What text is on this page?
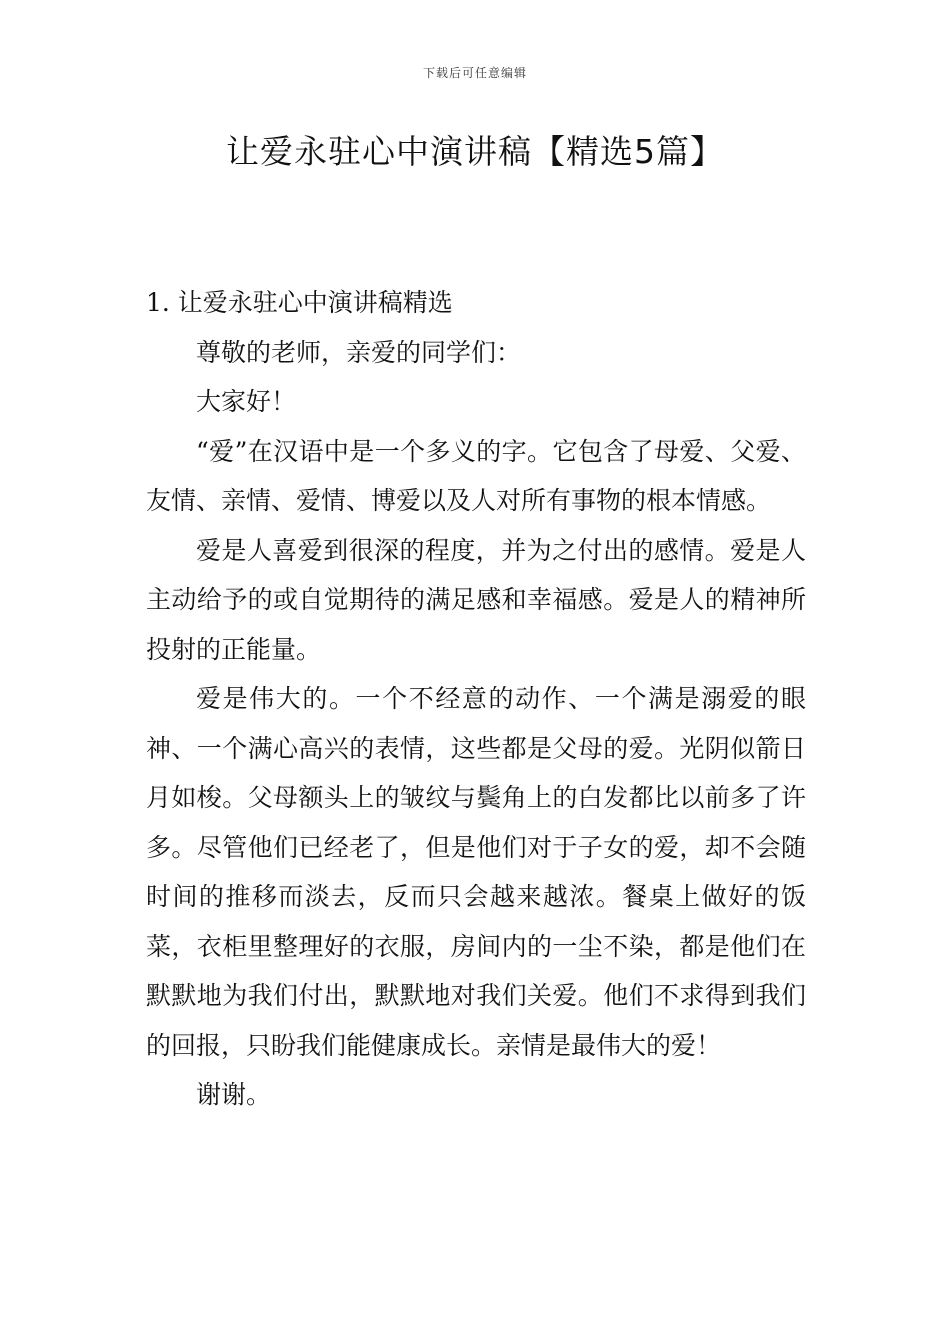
下载后可任意编辑
让爱永驻心中演讲稿【精选5篇】

1. 让爱永驻心中演讲稿精选

尊敬的老师，亲爱的同学们：

大家好！

“爱”在汉语中是一个多义的字。它包含了母爱、父爱、友情、亲情、爱情、博爱以及人对所有事物的根本情感。

爱是人喜爱到很深的程度，并为之付出的感情。爱是人主动给予的或自觉期待的满足感和幸福感。爱是人的精神所投射的正能量。

爱是伟大的。一个不经意的动作、一个满是溺爱的眼神、一个满心高兴的表情，这些都是父母的爱。光阴似箭日月如梭。父母额头上的皱纹与鬓角上的白发都比以前多了许多。尽管他们已经老了，但是他们对于子女的爱，却不会随时间的推移而淡去，反而只会越来越浓。餐桌上做好的饭菜，衣柜里整理好的衣服，房间内的一尘不染，都是他们在默默地为我们付出，默默地对我们关爱。他们不求得到我们的回报，只盼我们能健康成长。亲情是最伟大的爱！

谢谢。
